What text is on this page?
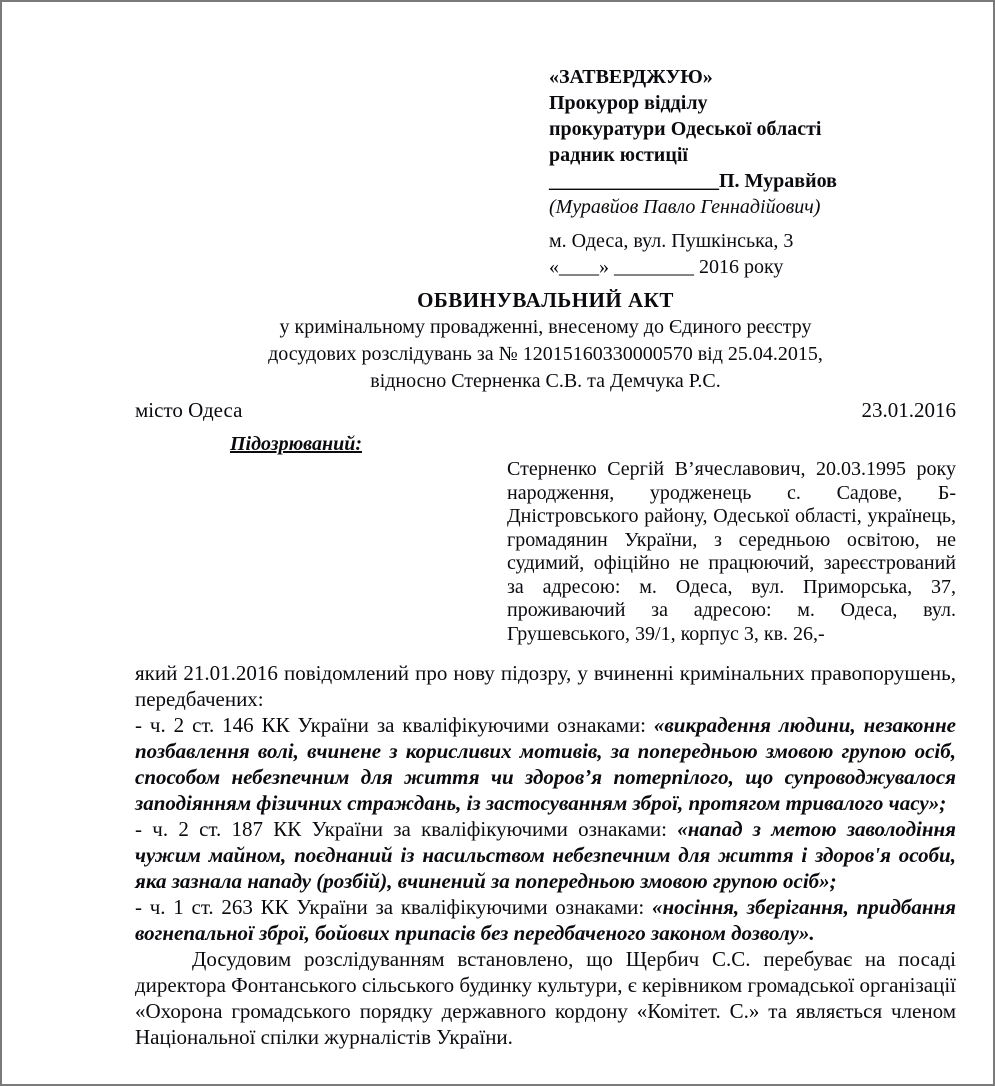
«ЗАТВЕРДЖУЮ»
Прокурор відділу
прокуратури Одеської області
радник юстиції
_________________П. Муравйов
(Муравйов Павло Геннадійович)
м. Одеса, вул. Пушкінська, 3
«____» ________ 2016 року
ОБВИНУВАЛЬНИЙ АКТ
у кримінальному провадженні, внесеному до Єдиного реєстру
досудових розслідувань за № 12015160330000570 від 25.04.2015,
відносно Стерненка С.В. та Демчука Р.С.
місто Одеса	23.01.2016
Підозрюваний:

Стерненко Сергій В’ячеславович, 20.03.1995 року народження, уродженець с. Садове, Б-Дністровського району, Одеської області, українець, громадянин України, з середньою освітою, не судимий, офіційно не працюючий, зареєстрований за адресою: м. Одеса, вул. Приморська, 37, проживаючий за адресою: м. Одеса, вул. Грушевського, 39/1, корпус 3, кв. 26,-

який 21.01.2016 повідомлений про нову підозру, у вчиненні кримінальних правопорушень, передбачених:

- ч. 2 ст. 146 КК України за кваліфікуючими ознаками: «викрадення людини, незаконне позбавлення волі, вчинене з корисливих мотивів, за попередньою змовою групою осіб, способом небезпечним для життя чи здоров’я потерпілого, що супроводжувалося заподіянням фізичних страждань, із застосуванням зброї, протягом тривалого часу»;

- ч. 2 ст. 187 КК України за кваліфікуючими ознаками: «напад з метою заволодіння чужим майном, поєднаний із насильством небезпечним для життя і здоров'я особи, яка зазнала нападу (розбій), вчинений за попередньою змовою групою осіб»;

- ч. 1 ст. 263 КК України за кваліфікуючими ознаками: «носіння, зберігання, придбання вогнепальної зброї, бойових припасів без передбаченого законом дозволу».

Досудовим розслідуванням встановлено, що Щербич С.С. перебуває на посаді директора Фонтанського сільського будинку культури, є керівником громадської організації «Охорона громадського порядку державного кордону «Комітет. С.» та являється членом Національної спілки журналістів України.
